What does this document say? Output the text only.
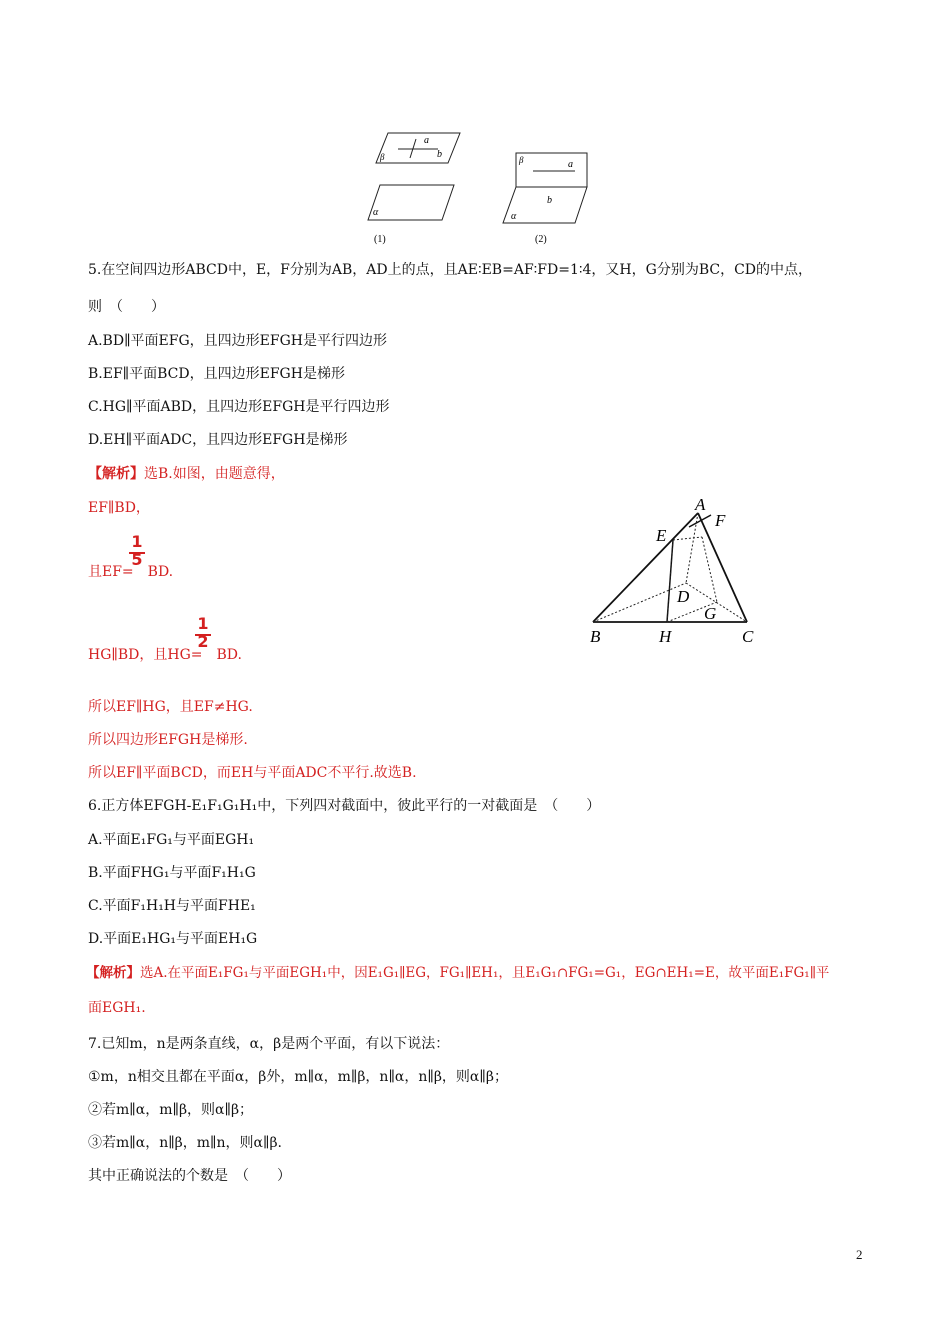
a
β	b
α
(1)
β	a
b
α
(2)
5.在空间四边形ABCD中，E，F分别为AB，AD上的点，且AE∶EB=AF∶FD=1∶4，又H，G分别为BC，CD的中点，
则　（　　）
A.BD∥平面EFG，且四边形EFGH是平行四边形
B.EF∥平面BCD，且四边形EFGH是梯形
C.HG∥平面ABD，且四边形EFGH是平行四边形
D.EH∥平面ADC，且四边形EFGH是梯形
【解析】选B.如图，由题意得，
EF∥BD，
1
5
且EF= BD.
1
2
HG∥BD，且HG= BD.
所以EF∥HG，且EF≠HG.
所以四边形EFGH是梯形.
所以EF∥平面BCD，而EH与平面ADC不平行.故选B.
A
E
F
D
G
B	H	C
6.正方体EFGH-E₁F₁G₁H₁中，下列四对截面中，彼此平行的一对截面是　（　　）
A.平面E₁FG₁与平面EGH₁
B.平面FHG₁与平面F₁H₁G
C.平面F₁H₁H与平面FHE₁
D.平面E₁HG₁与平面EH₁G
【解析】选A.在平面E₁FG₁与平面EGH₁中，因E₁G₁∥EG，FG₁∥EH₁，且E₁G₁∩FG₁=G₁，EG∩EH₁=E，故平面E₁FG₁∥平
面EGH₁.
7.已知m，n是两条直线，α，β是两个平面，有以下说法：
①m，n相交且都在平面α，β外，m∥α，m∥β，n∥α，n∥β，则α∥β；
②若m∥α，m∥β，则α∥β；
③若m∥α，n∥β，m∥n，则α∥β.
其中正确说法的个数是　（　　）
2
